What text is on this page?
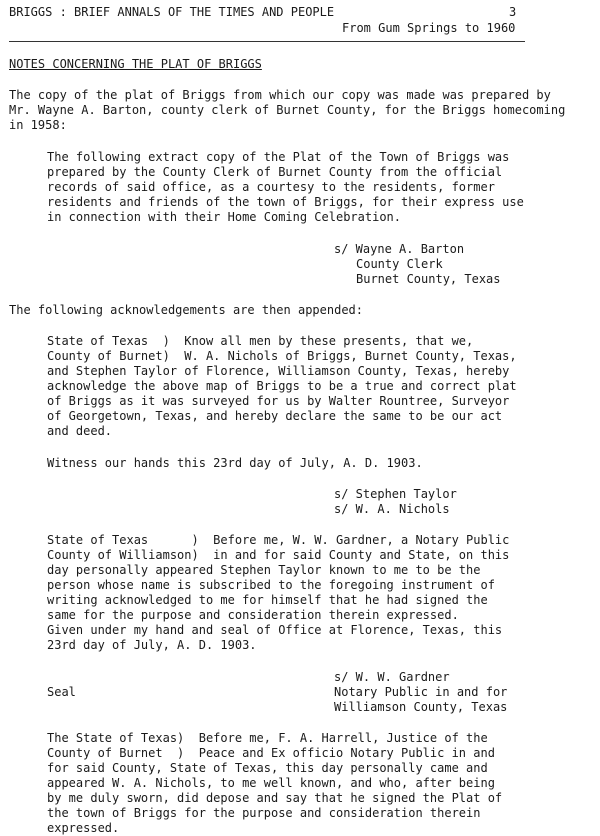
BRIGGS : BRIEF ANNALS OF THE TIMES AND PEOPLE	3
From Gum Springs to 1960
NOTES CONCERNING THE PLAT OF BRIGGS
The copy of the plat of Briggs from which our copy was made was prepared by
Mr. Wayne A. Barton, county clerk of Burnet County, for the Briggs homecoming
in 1958:
The following extract copy of the Plat of the Town of Briggs was
prepared by the County Clerk of Burnet County from the official
records of said office, as a courtesy to the residents, former
residents and friends of the town of Briggs, for their express use
in connection with their Home Coming Celebration.
s/ Wayne A. Barton
County Clerk
Burnet County, Texas
The following acknowledgements are then appended:
State of Texas  )  Know all men by these presents, that we,
County of Burnet)  W. A. Nichols of Briggs, Burnet County, Texas,
and Stephen Taylor of Florence, Williamson County, Texas, hereby
acknowledge the above map of Briggs to be a true and correct plat
of Briggs as it was surveyed for us by Walter Rountree, Surveyor
of Georgetown, Texas, and hereby declare the same to be our act
and deed.
Witness our hands this 23rd day of July, A. D. 1903.
s/ Stephen Taylor
s/ W. A. Nichols
State of Texas      )  Before me, W. W. Gardner, a Notary Public
County of Williamson)  in and for said County and State, on this
day personally appeared Stephen Taylor known to me to be the
person whose name is subscribed to the foregoing instrument of
writing acknowledged to me for himself that he had signed the
same for the purpose and consideration therein expressed.
Given under my hand and seal of Office at Florence, Texas, this
23rd day of July, A. D. 1903.
s/ W. W. Gardner
Seal	Notary Public in and for
Williamson County, Texas
The State of Texas)  Before me, F. A. Harrell, Justice of the
County of Burnet  )  Peace and Ex officio Notary Public in and
for said County, State of Texas, this day personally came and
appeared W. A. Nichols, to me well known, and who, after being
by me duly sworn, did depose and say that he signed the Plat of
the town of Briggs for the purpose and consideration therein
expressed.
